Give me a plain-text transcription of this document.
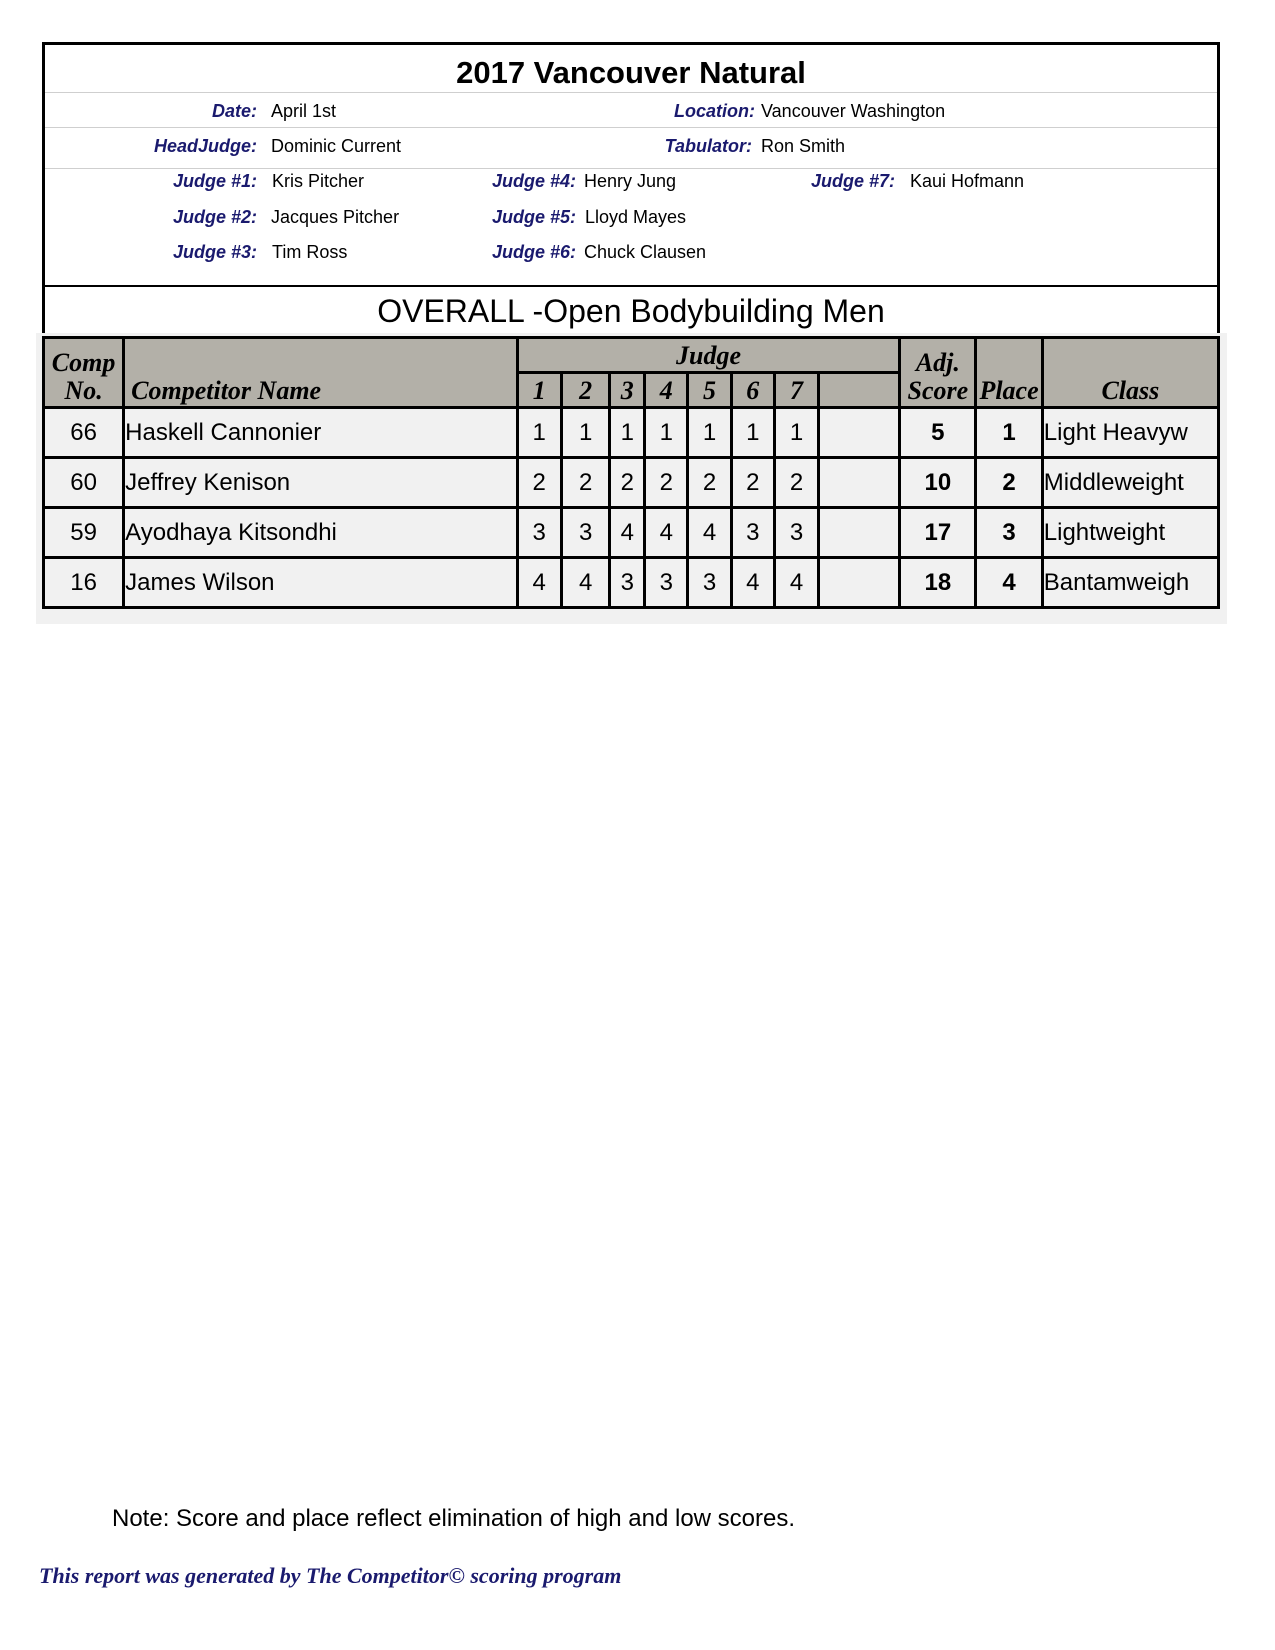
2017 Vancouver Natural
Date: April 1st	Location: Vancouver Washington
HeadJudge: Dominic Current	Tabulator: Ron Smith
Judge #1: Kris Pitcher
Judge #2: Jacques Pitcher
Judge #3: Tim Ross
Judge #4: Henry Jung
Judge #5: Lloyd Mayes
Judge #6: Chuck Clausen
Judge #7: Kaui Hofmann
OVERALL -Open Bodybuilding Men
Comp
No.	Competitor Name	Judge								Adj.
Score	Place	Class
		1	2	3	4	5	6	7				
66	Haskell Cannonier	1	1	1	1	1	1	1		5	1	Light Heavyw
60	Jeffrey Kenison	2	2	2	2	2	2	2		10	2	Middleweight
59	Ayodhaya Kitsondhi	3	3	4	4	4	3	3		17	3	Lightweight
16	James Wilson	4	4	3	3	3	4	4		18	4	Bantamweigh
Note: Score and place reflect elimination of high and low scores.
This report was generated by The Competitor© scoring program
